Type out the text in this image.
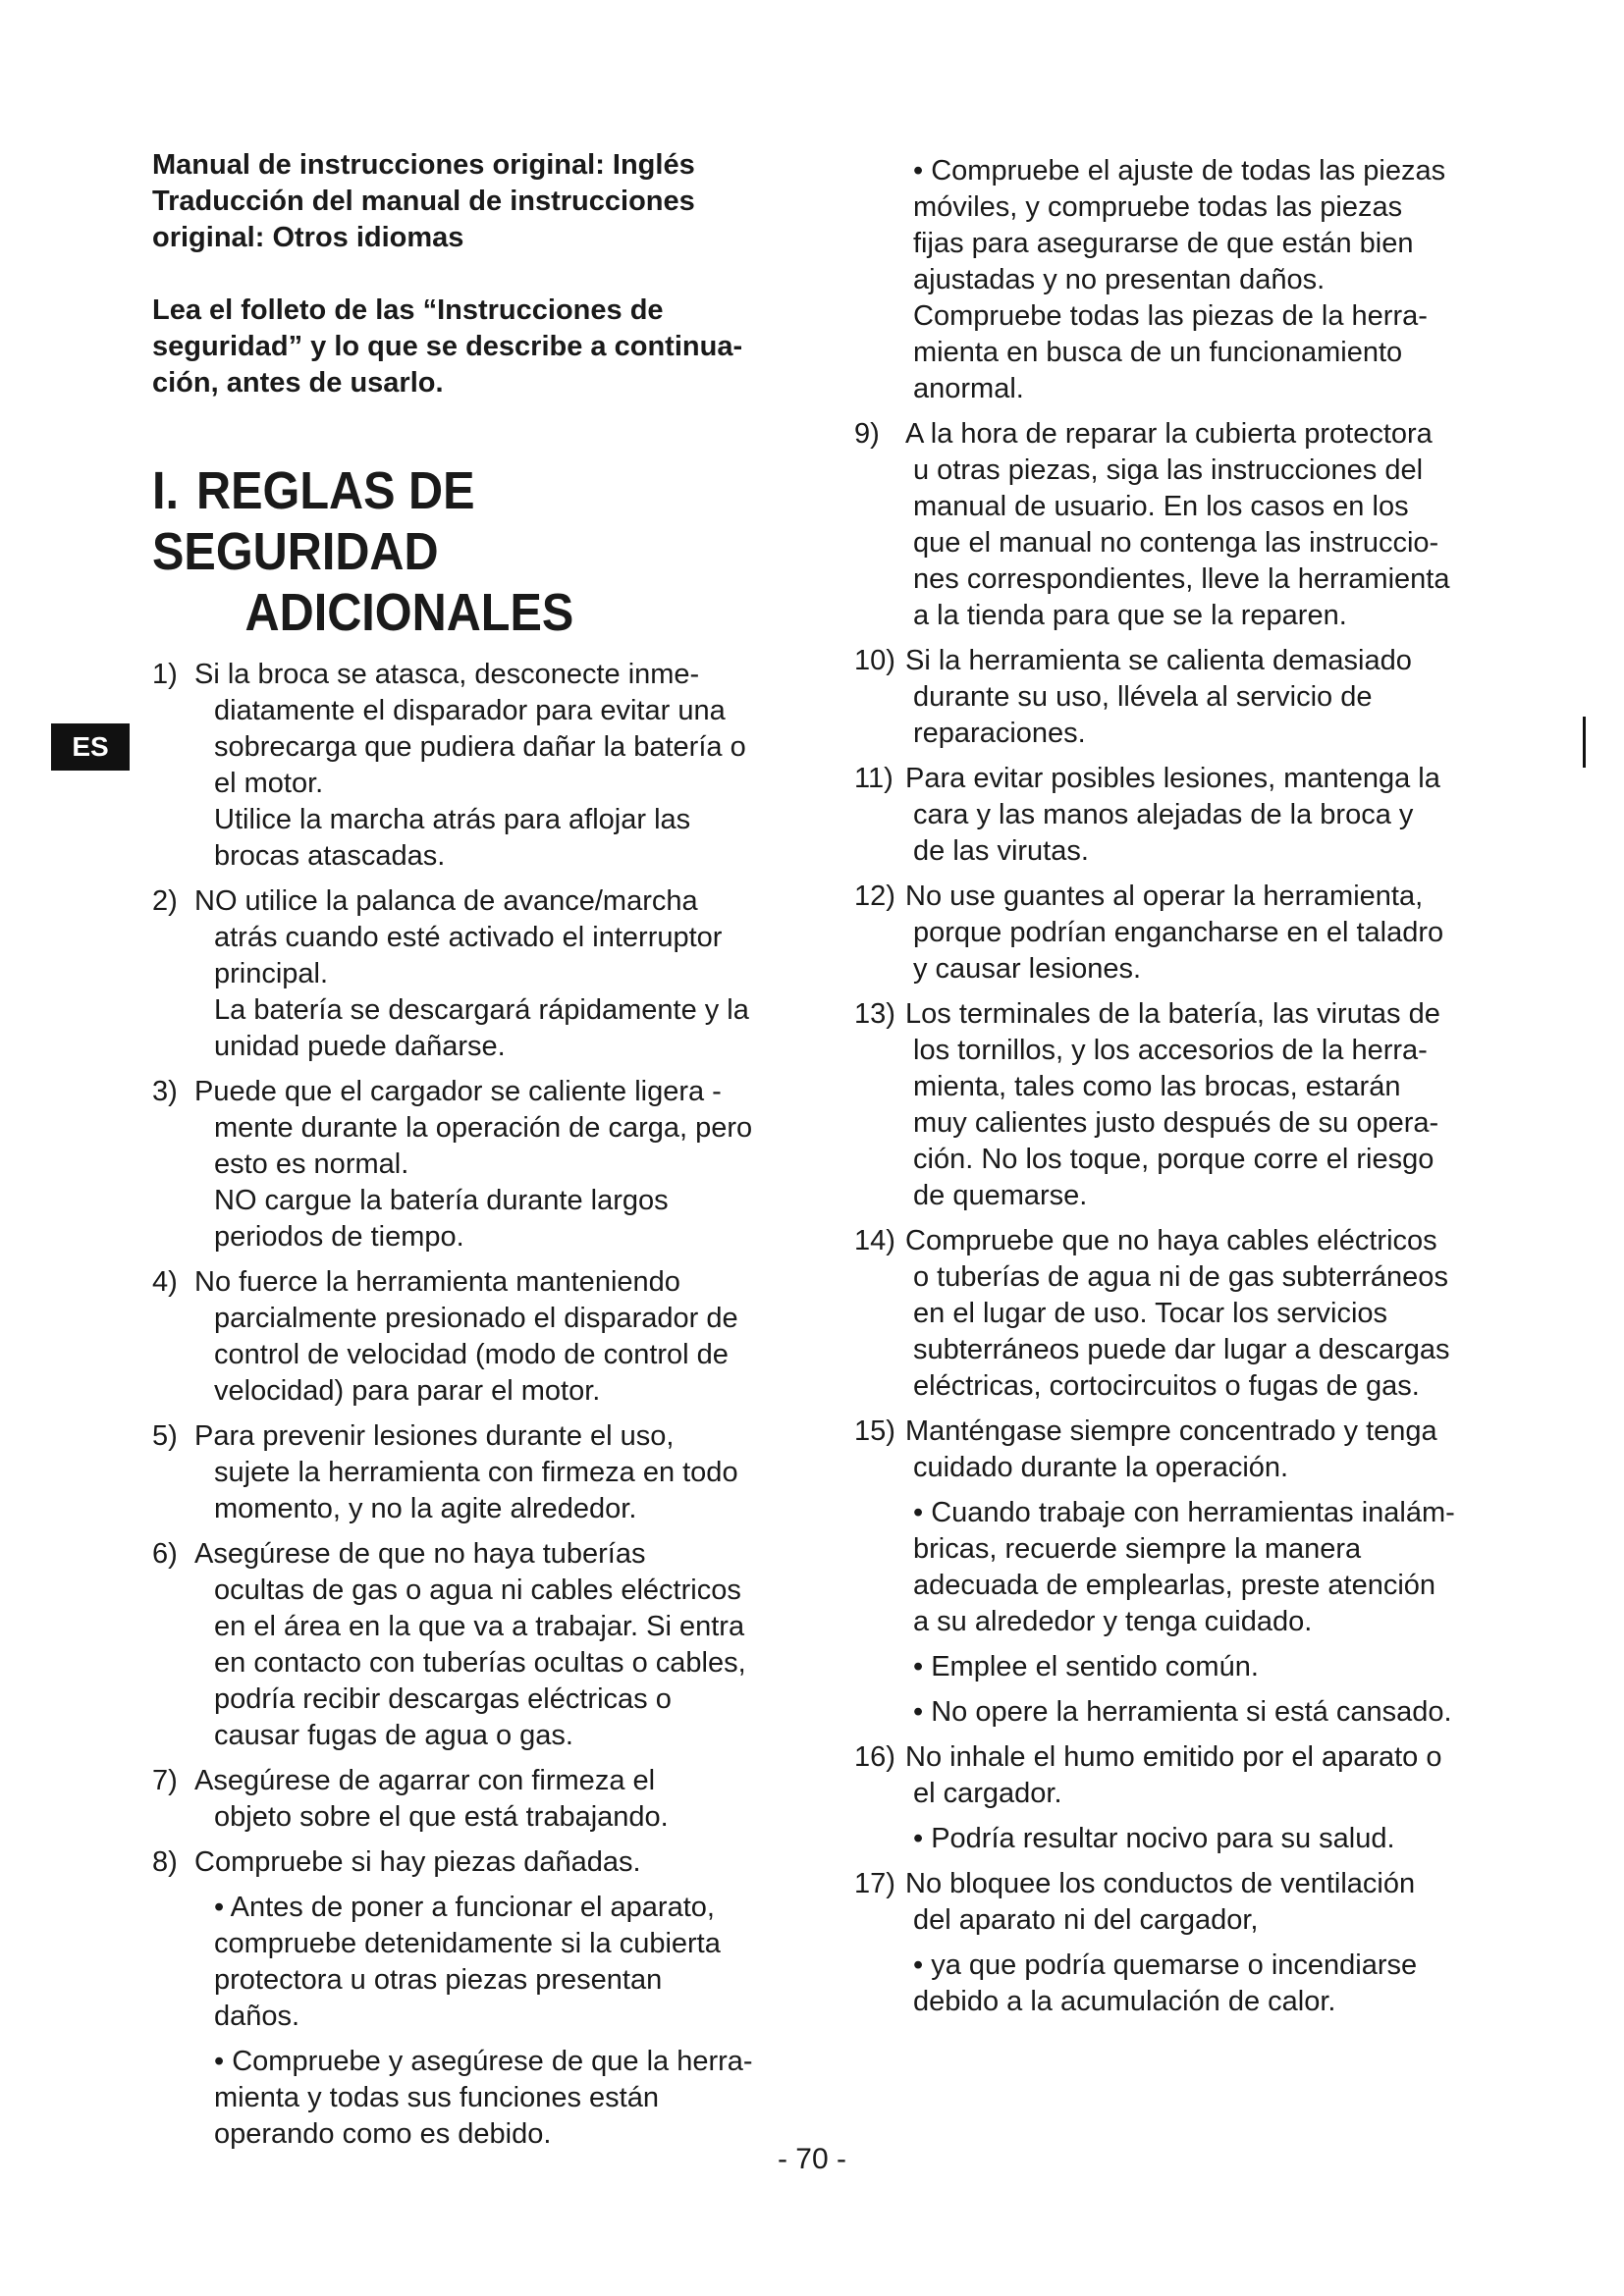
ES
Manual de instrucciones original: Inglés
Traducción del manual de instrucciones
original: Otros idiomas
Lea el folleto de las “Instrucciones de
seguridad” y lo que se describe a continua-
ción, antes de usarlo.
I. REGLAS DE SEGURIDAD
ADICIONALES
1) Si la broca se atasca, desconecte inme-

diatamente el disparador para evitar una

sobrecarga que pudiera dañar la batería o

el motor.

Utilice la marcha atrás para aflojar las

brocas atascadas.

2) NO utilice la palanca de avance/marcha

atrás cuando esté activado el interruptor

principal.

La batería se descargará rápidamente y la

unidad puede dañarse.

3) Puede que el cargador se caliente ligera -

mente durante la operación de carga, pero

esto es normal.

NO cargue la batería durante largos

periodos de tiempo.

4) No fuerce la herramienta manteniendo

parcialmente presionado el disparador de

control de velocidad (modo de control de

velocidad) para parar el motor.

5) Para prevenir lesiones durante el uso,

sujete la herramienta con firmeza en todo

momento, y no la agite alrededor.

6) Asegúrese de que no haya tuberías

ocultas de gas o agua ni cables eléctricos

en el área en la que va a trabajar. Si entra

en contacto con tuberías ocultas o cables,

podría recibir descargas eléctricas o

causar fugas de agua o gas.

7) Asegúrese de agarrar con firmeza el

objeto sobre el que está trabajando.

8) Compruebe si hay piezas dañadas.

• Antes de poner a funcionar el aparato,
compruebe detenidamente si la cubierta
protectora u otras piezas presentan
daños.
• Compruebe y asegúrese de que la herra-
mienta y todas sus funciones están
operando como es debido.
• Compruebe el ajuste de todas las piezas
móviles, y compruebe todas las piezas
fijas para asegurarse de que están bien
ajustadas y no presentan daños.
Compruebe todas las piezas de la herra-
mienta en busca de un funcionamiento
anormal.
9) A la hora de reparar la cubierta protectora

u otras piezas, siga las instrucciones del

manual de usuario. En los casos en los

que el manual no contenga las instruccio-

nes correspondientes, lleve la herramienta

a la tienda para que se la reparen.

10) Si la herramienta se calienta demasiado

durante su uso, llévela al servicio de

reparaciones.

11) Para evitar posibles lesiones, mantenga la

cara y las manos alejadas de la broca y

de las virutas.

12) No use guantes al operar la herramienta,

porque podrían engancharse en el taladro

y causar lesiones.

13) Los terminales de la batería, las virutas de

los tornillos, y los accesorios de la herra-

mienta, tales como las brocas, estarán

muy calientes justo después de su opera-

ción. No los toque, porque corre el riesgo

de quemarse.

14) Compruebe que no haya cables eléctricos

o tuberías de agua ni de gas subterráneos

en el lugar de uso. Tocar los servicios

subterráneos puede dar lugar a descargas

eléctricas, cortocircuitos o fugas de gas.

15) Manténgase siempre concentrado y tenga

cuidado durante la operación.

• Cuando trabaje con herramientas inalám-
bricas, recuerde siempre la manera
adecuada de emplearlas, preste atención
a su alrededor y tenga cuidado.
• Emplee el sentido común.
• No opere la herramienta si está cansado.
16) No inhale el humo emitido por el aparato o

el cargador.

• Podría resultar nocivo para su salud.
17) No bloquee los conductos de ventilación

del aparato ni del cargador,

• ya que podría quemarse o incendiarse
debido a la acumulación de calor.
- 70 -
